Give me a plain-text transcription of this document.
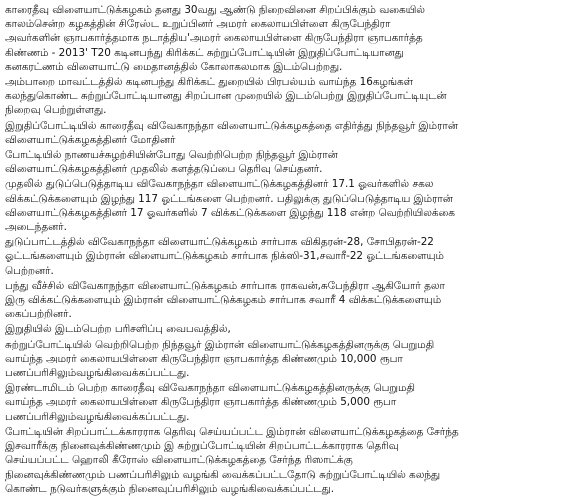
காரைதீவு விளையாட்டுக்கழகம் தனது 30வது ஆண்டு நிறைவினை சிறப்பிக்கும் வகையில்
காலம்சென்ற கழகத்தின் சிரேஸ்ட உறுப்பினர் அமரர் கைலாயபிள்ளை கிருபேந்திரா
அவர்களின் ஞாபகார்த்தமாக நடாத்திய'அமரர் கைலாயபிள்ளை கிருபேந்திரா ஞாபகார்த்த
கிண்ணம் - 2013' T20 கடினபந்து கிரிக்கட் சுற்றுப்போட்டியின் இறுதிப்போட்டியானது
கனகரட்ணம் விளையாட்டு மைதானத்தில் கோலாகலமாக இடம்பெற்றது.

அம்பாறை மாவட்டத்தில் கடினபந்து கிரிக்கட் துறையில் பிரபல்யம் வாய்ந்த 16கழங்கள்
கலந்துகொண்ட சுற்றுப்போட்டியானது சிறப்பான முறையில் இடம்பெற்று இறுதிப்போட்டியுடன்
நிறைவு பெற்றுள்ளது.

இறுதிப்போட்டியில் காரைதீவு விவேகாநந்தா விளையாட்டுக்கழகத்தை எதிர்த்து நிந்தவூர் இம்ரான்
விளையாட்டுக்கழகத்தினர் மோதினர்

போட்டியில் நாணயச்சுழற்சியின்போது வெற்றிபெற்ற நிந்தவூர் இம்ரான்
விளையாட்டுக்கழகத்தினர் முதலில் களத்தடுப்பை தெரிவு செய்தனர்.

முதலில் துடுப்பெடுத்தாடிய விவேகாநந்தா விளையாட்டுக்கழகத்தினர் 17.1 ஓவர்களில் சகல
விக்கட்டுக்களையும் இழந்து 117 ஓட்டங்களை பெற்றனர். பதிலுக்கு துடுப்பெடுத்தாடிய இம்ரான்
விளையாட்டுக்கழகத்தினர் 17 ஓவர்களில் 7 விக்கட்டுக்களை இழந்து 118 என்ற வெற்றியிலக்கை
அடைந்தனர்.

துடுப்பாட்டத்தில் விவேகாநந்தா விளையாட்டுக்கழகம் சார்பாக விகிதரன்-28, சோபிதரன்-22
ஓட்டங்களையும் இம்ரான் விளையாட்டுக்கழகம் சார்பாக நிக்ஸி-31,சவாரீ-22 ஓட்டங்களையும்
பெற்றனர்.

பந்து வீச்சில் விவேகாநந்தா விளையாட்டுக்கழகம் சார்பாக ராகவன்,சுபேந்திரா ஆகியோர் தலா
இரு விக்கட்டுக்களையும் இம்ரான் விளையாட்டுக்கழகம் சார்பாக சவாரீ 4 விக்கட்டுக்களையும்
கைப்பற்றினர்.

இறுதியில் இடம்பெற்ற பரிசளிப்பு வைபவத்தில்,

சுற்றுப்போட்டியில் வெற்றிபெற்ற நிந்தவூர் இம்ரான் விளையாட்டுக்கழகத்தினருக்கு பெறுமதி
வாய்ந்த அமரர் கைலாயபிள்ளை கிருபேந்திரா ஞாபகார்த்த கிண்ணமும் 10,000 ரூபா
பணப்பரிசிலும்வழங்கிவைக்கப்பட்டது.

இரண்டாமிடம் பெற்ற காரைதீவு விவேகாநந்தா விளையாட்டுக்கழகத்தினருக்கு பெறுமதி
வாய்ந்த அமரர் கைலாயபிள்ளை கிருபேந்திரா ஞாபகார்த்த கிண்ணமும் 5,000 ரூபா
பணப்பரிசிலும்வழங்கிவைக்கப்பட்டது.

போட்டியின் சிறப்பாட்டக்காரராக தெரிவு செய்யப்பட்ட இம்ரான் விளையாட்டுக்கழகத்தை சேர்ந்த
இசவாரீக்கு நினைவுக்கிண்ணமும் இ சுற்றுப்போட்டியின் சிறப்பாட்டக்காரராக தெரிவு
செய்யப்பட்ட ஹொலி கீரோஸ் விளையாட்டுக்கழகத்தை சேர்ந்த ரிஸாட்க்கு
நினைவுக்கிண்ணமும் பணப்பரிசிலும் வழங்கி வைக்கப்பட்டதோடு சுற்றுப்போட்டியில் கலந்து
கொண்ட நடுவர்களுக்கும் நினைவுப்பரிசிலும் வழங்கிவைக்கப்பட்டது.
